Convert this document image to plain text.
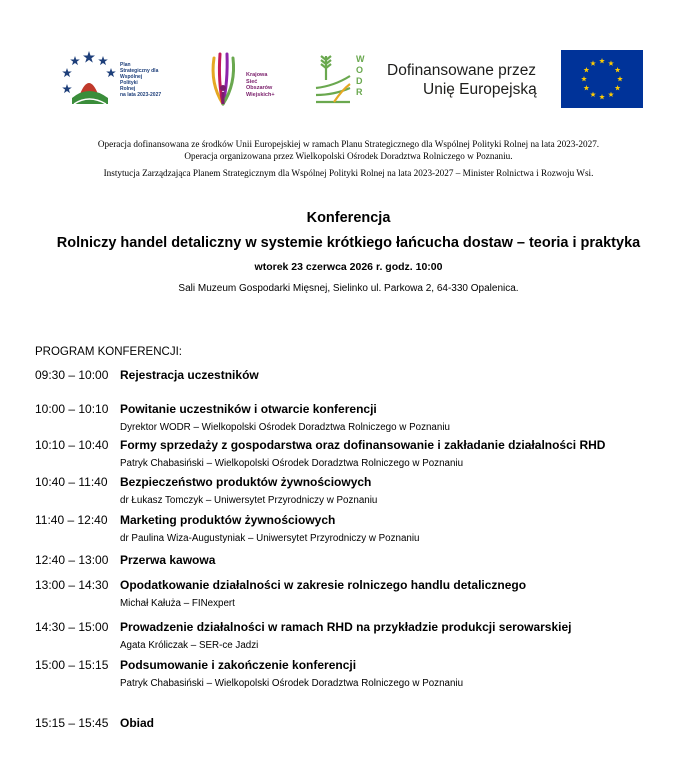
Plan
Strategiczny dla
Wspólnej
Polityki
Rolnej
na lata 2023-2027
Krajowa
Sieć
Obszarów
Wiejskich+
WODR
Dofinansowane przez
Unię Europejską
Operacja dofinansowana ze środków Unii Europejskiej w ramach Planu Strategicznego dla Wspólnej Polityki Rolnej na lata 2023-2027.
Operacja organizowana przez Wielkopolski Ośrodek Doradztwa Rolniczego w Poznaniu.
Instytucja Zarządzająca Planem Strategicznym dla Wspólnej Polityki Rolnej na lata 2023-2027 – Minister Rolnictwa i Rozwoju Wsi.
Konferencja
Rolniczy handel detaliczny w systemie krótkiego łańcucha dostaw – teoria i praktyka
wtorek 23 czerwca 2026 r. godz. 10:00
Sali Muzeum Gospodarki Mięsnej, Sielinko ul. Parkowa 2, 64-330 Opalenica.
PROGRAM KONFERENCJI:
09:30 – 10:00 Rejestracja uczestników
10:00 – 10:10 Powitanie uczestników i otwarcie konferencji
Dyrektor WODR – Wielkopolski Ośrodek Doradztwa Rolniczego w Poznaniu
10:10 – 10:40 Formy sprzedaży z gospodarstwa oraz dofinansowanie i zakładanie działalności RHD
Patryk Chabasiński – Wielkopolski Ośrodek Doradztwa Rolniczego w Poznaniu
10:40 – 11:40 Bezpieczeństwo produktów żywnościowych
dr Łukasz Tomczyk – Uniwersytet Przyrodniczy w Poznaniu
11:40 – 12:40 Marketing produktów żywnościowych
dr Paulina Wiza-Augustyniak – Uniwersytet Przyrodniczy w Poznaniu
12:40 – 13:00 Przerwa kawowa
13:00 – 14:30 Opodatkowanie działalności w zakresie rolniczego handlu detalicznego
Michał Kałuża – FINexpert
14:30 – 15:00 Prowadzenie działalności w ramach RHD na przykładzie produkcji serowarskiej
Agata Króliczak – SER-ce Jadzi
15:00 – 15:15 Podsumowanie i zakończenie konferencji
Patryk Chabasiński – Wielkopolski Ośrodek Doradztwa Rolniczego w Poznaniu
15:15 – 15:45 Obiad
